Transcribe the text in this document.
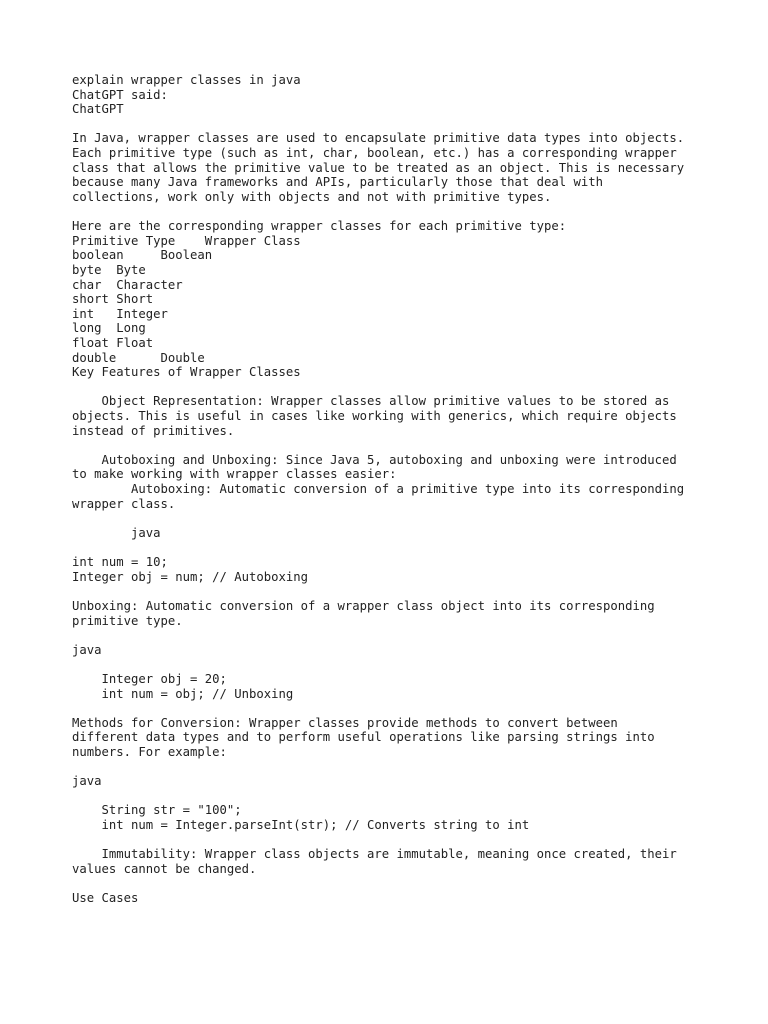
explain wrapper classes in java
ChatGPT said:
ChatGPT
In Java, wrapper classes are used to encapsulate primitive data types into objects.
Each primitive type (such as int, char, boolean, etc.) has a corresponding wrapper
class that allows the primitive value to be treated as an object. This is necessary
because many Java frameworks and APIs, particularly those that deal with
collections, work only with objects and not with primitive types.
Here are the corresponding wrapper classes for each primitive type:
Primitive Type    Wrapper Class
boolean     Boolean
byte  Byte
char  Character
short Short
int   Integer
long  Long
float Float
double      Double
Key Features of Wrapper Classes
Object Representation: Wrapper classes allow primitive values to be stored as
objects. This is useful in cases like working with generics, which require objects
instead of primitives.
Autoboxing and Unboxing: Since Java 5, autoboxing and unboxing were introduced
to make working with wrapper classes easier:
Autoboxing: Automatic conversion of a primitive type into its corresponding
wrapper class.
java
int num = 10;
Integer obj = num; // Autoboxing
Unboxing: Automatic conversion of a wrapper class object into its corresponding
primitive type.
java
Integer obj = 20;
int num = obj; // Unboxing
Methods for Conversion: Wrapper classes provide methods to convert between
different data types and to perform useful operations like parsing strings into
numbers. For example:
java
String str = "100";
int num = Integer.parseInt(str); // Converts string to int
Immutability: Wrapper class objects are immutable, meaning once created, their
values cannot be changed.
Use Cases
